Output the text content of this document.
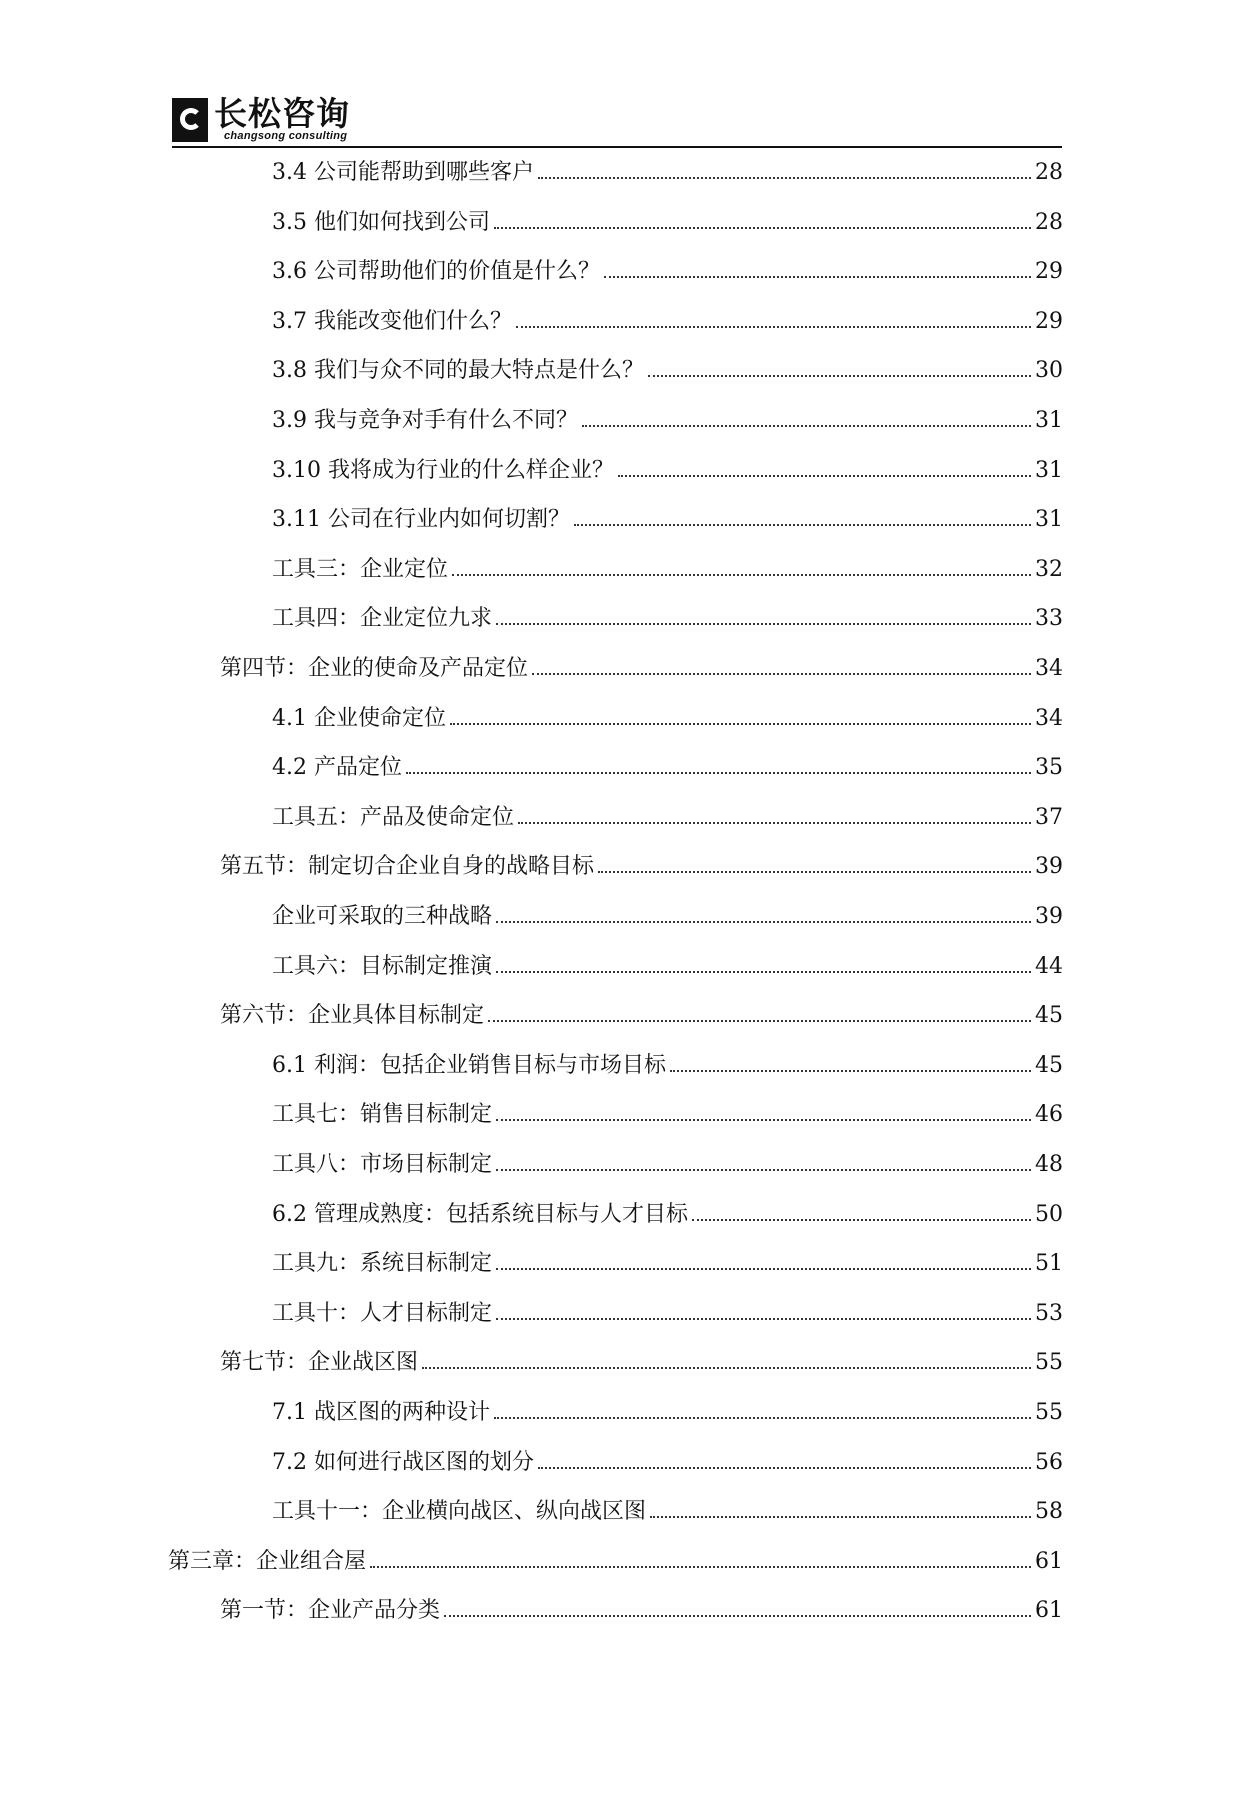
长松咨询
changsong consulting
3.4 公司能帮助到哪些客户	28
3.5 他们如何找到公司	28
3.6 公司帮助他们的价值是什么？	29
3.7 我能改变他们什么？	29
3.8 我们与众不同的最大特点是什么？	30
3.9 我与竞争对手有什么不同？	31
3.10 我将成为行业的什么样企业？	31
3.11 公司在行业内如何切割？	31
工具三：企业定位	32
工具四：企业定位九求	33
第四节：企业的使命及产品定位	34
4.1 企业使命定位	34
4.2 产品定位	35
工具五：产品及使命定位	37
第五节：制定切合企业自身的战略目标	39
企业可采取的三种战略	39
工具六：目标制定推演	44
第六节：企业具体目标制定	45
6.1 利润：包括企业销售目标与市场目标	45
工具七：销售目标制定	46
工具八：市场目标制定	48
6.2 管理成熟度：包括系统目标与人才目标	50
工具九：系统目标制定	51
工具十：人才目标制定	53
第七节：企业战区图	55
7.1 战区图的两种设计	55
7.2 如何进行战区图的划分	56
工具十一：企业横向战区、纵向战区图	58
第三章：企业组合屋	61
第一节：企业产品分类	61
